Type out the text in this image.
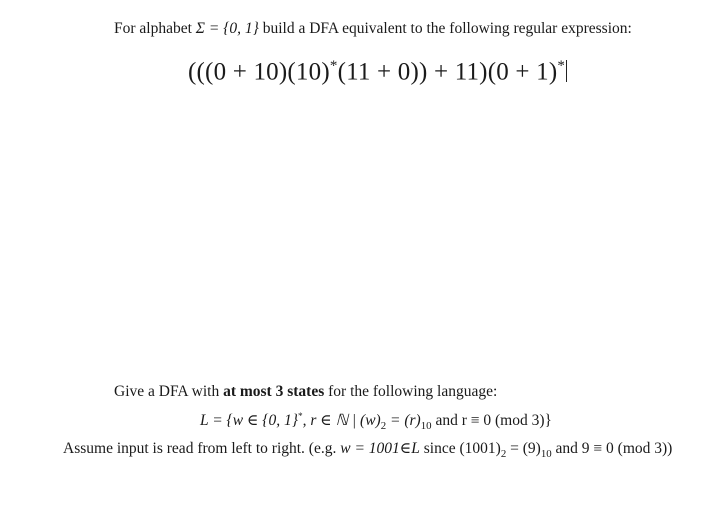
For alphabet Σ = {0, 1} build a DFA equivalent to the following regular expression:
(((0 + 10)(10)*(11 + 0)) + 11)(0 + 1)*
Give a DFA with at most 3 states for the following language:
L = {w ∈ {0, 1}*, r ∈ ℕ | $(w)_2 = (r)_{10}$ and r ≡ 0 (mod 3)}
Assume input is read from left to right. (e.g. w = 1001∈L since $(1001)_2 = (9)_{10}$ and 9 ≡ 0 (mod 3))
